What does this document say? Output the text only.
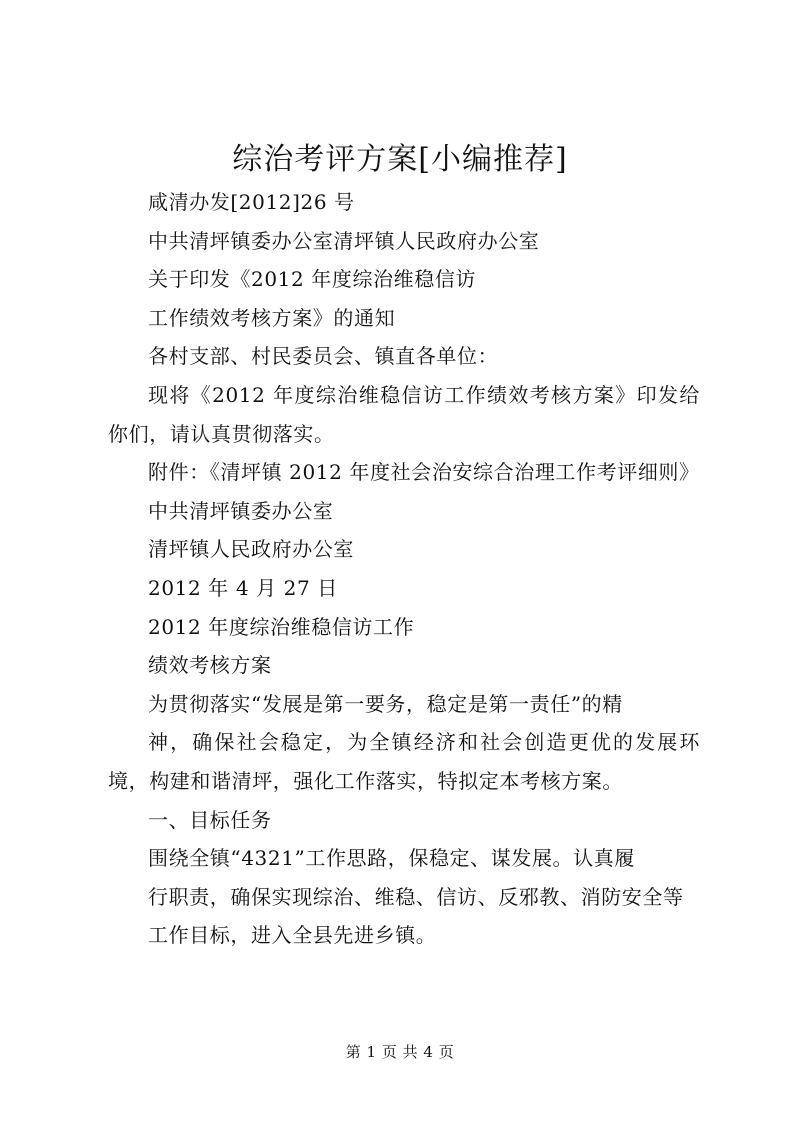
综治考评方案[小编推荐]

咸清办发[2012]26 号

中共清坪镇委办公室清坪镇人民政府办公室

关于印发《2012 年度综治维稳信访

工作绩效考核方案》的通知

各村支部、村民委员会、镇直各单位：

现将《2012 年度综治维稳信访工作绩效考核方案》印发给你们，请认真贯彻落实。

附件：《清坪镇 2012 年度社会治安综合治理工作考评细则》

中共清坪镇委办公室

清坪镇人民政府办公室

2012 年 4 月 27 日

2012 年度综治维稳信访工作

绩效考核方案

为贯彻落实“发展是第一要务，稳定是第一责任”的精

神，确保社会稳定，为全镇经济和社会创造更优的发展环境，构建和谐清坪，强化工作落实，特拟定本考核方案。

一、目标任务

围绕全镇“4321”工作思路，保稳定、谋发展。认真履

行职责，确保实现综治、维稳、信访、反邪教、消防安全等

工作目标，进入全县先进乡镇。

第 1 页 共 4 页
